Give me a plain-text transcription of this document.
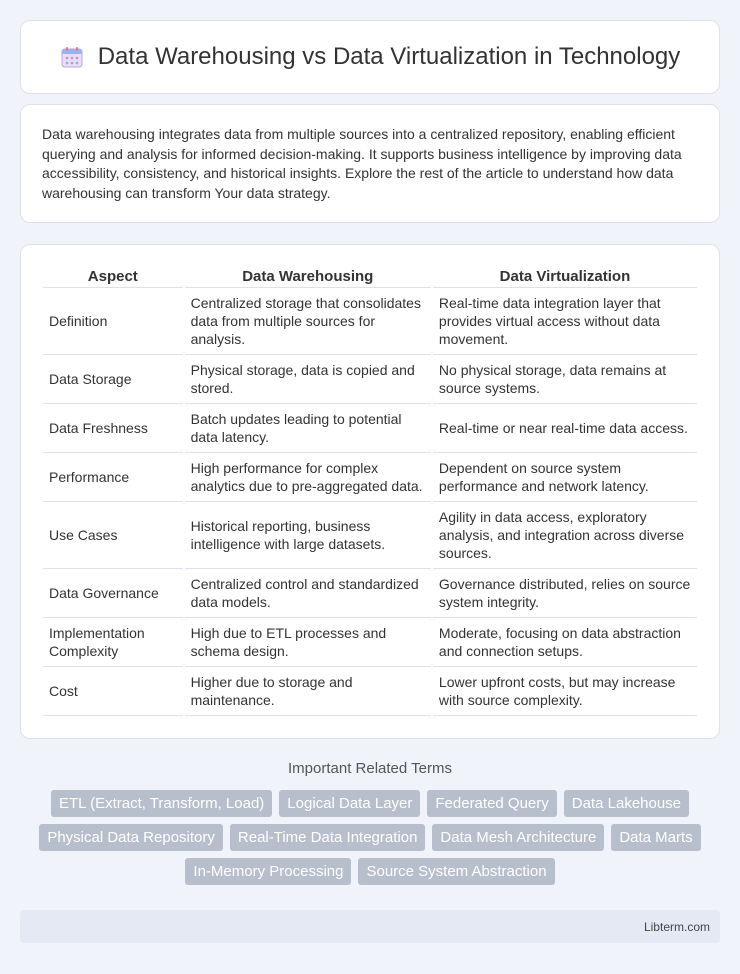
Data Warehousing vs Data Virtualization in Technology

Data warehousing integrates data from multiple sources into a centralized repository, enabling efficient querying and analysis for informed decision-making. It supports business intelligence by improving data accessibility, consistency, and historical insights. Explore the rest of the article to understand how data warehousing can transform Your data strategy.

Aspect	Data Warehousing	Data Virtualization
Definition	Centralized storage that consolidates data from multiple sources for analysis.	Real-time data integration layer that provides virtual access without data movement.
Data Storage	Physical storage, data is copied and stored.	No physical storage, data remains at source systems.
Data Freshness	Batch updates leading to potential data latency.	Real-time or near real-time data access.
Performance	High performance for complex analytics due to pre-aggregated data.	Dependent on source system performance and network latency.
Use Cases	Historical reporting, business intelligence with large datasets.	Agility in data access, exploratory analysis, and integration across diverse sources.
Data Governance	Centralized control and standardized data models.	Governance distributed, relies on source system integrity.
Implementation Complexity	High due to ETL processes and schema design.	Moderate, focusing on data abstraction and connection setups.
Cost	Higher due to storage and maintenance.	Lower upfront costs, but may increase with source complexity.
Important Related Terms
ETL (Extract, Transform, Load)	Logical Data Layer	Federated Query	Data Lakehouse
Physical Data Repository	Real-Time Data Integration	Data Mesh Architecture	Data Marts
In-Memory Processing	Source System Abstraction
Libterm.com
